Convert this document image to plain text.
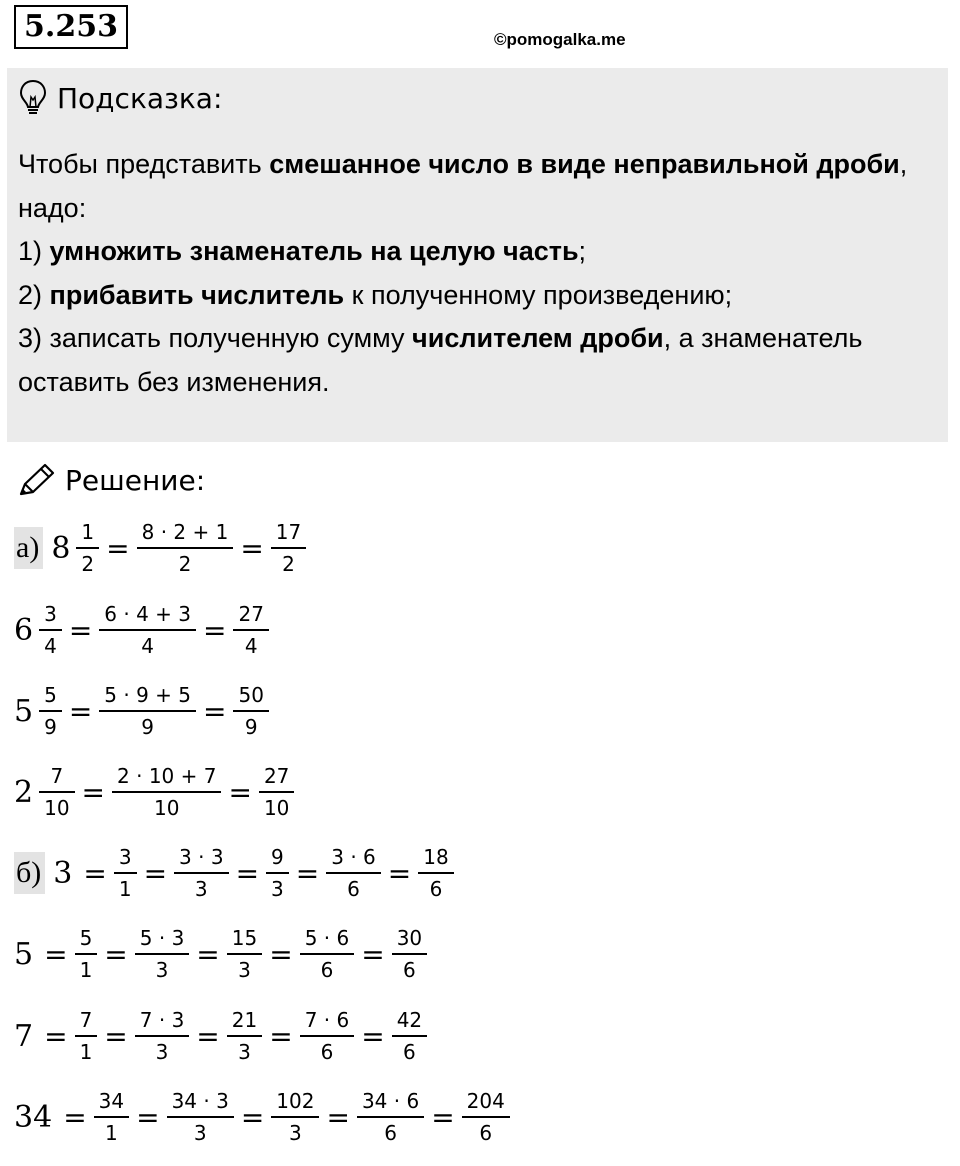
5.253	©pomogalka.me
Подсказка:

Чтобы представить смешанное число в виде неправильной дроби, надо:

1) умножить знаменатель на целую часть;

2) прибавить числитель к полученному произведению;

3) записать полученную сумму числителем дроби, а знаменатель оставить без изменения.

Решение:
а) $8 \frac{1}{2} = \frac{8 \cdot 2 + 1}{2} = \frac{17}{2}$
$6 \frac{3}{4} = \frac{6 \cdot 4 + 3}{4} = \frac{27}{4}$
$5 \frac{5}{9} = \frac{5 \cdot 9 + 5}{9} = \frac{50}{9}$
$2 \frac{7}{10} = \frac{2 \cdot 10 + 7}{10} = \frac{27}{10}$
б) $3 = \frac{3}{1} = \frac{3 \cdot 3}{3} = \frac{9}{3} = \frac{3 \cdot 6}{6} = \frac{18}{6}$
$5 = \frac{5}{1} = \frac{5 \cdot 3}{3} = \frac{15}{3} = \frac{5 \cdot 6}{6} = \frac{30}{6}$
$7 = \frac{7}{1} = \frac{7 \cdot 3}{3} = \frac{21}{3} = \frac{7 \cdot 6}{6} = \frac{42}{6}$
$34 = \frac{34}{1} = \frac{34 \cdot 3}{3} = \frac{102}{3} = \frac{34 \cdot 6}{6} = \frac{204}{6}$
